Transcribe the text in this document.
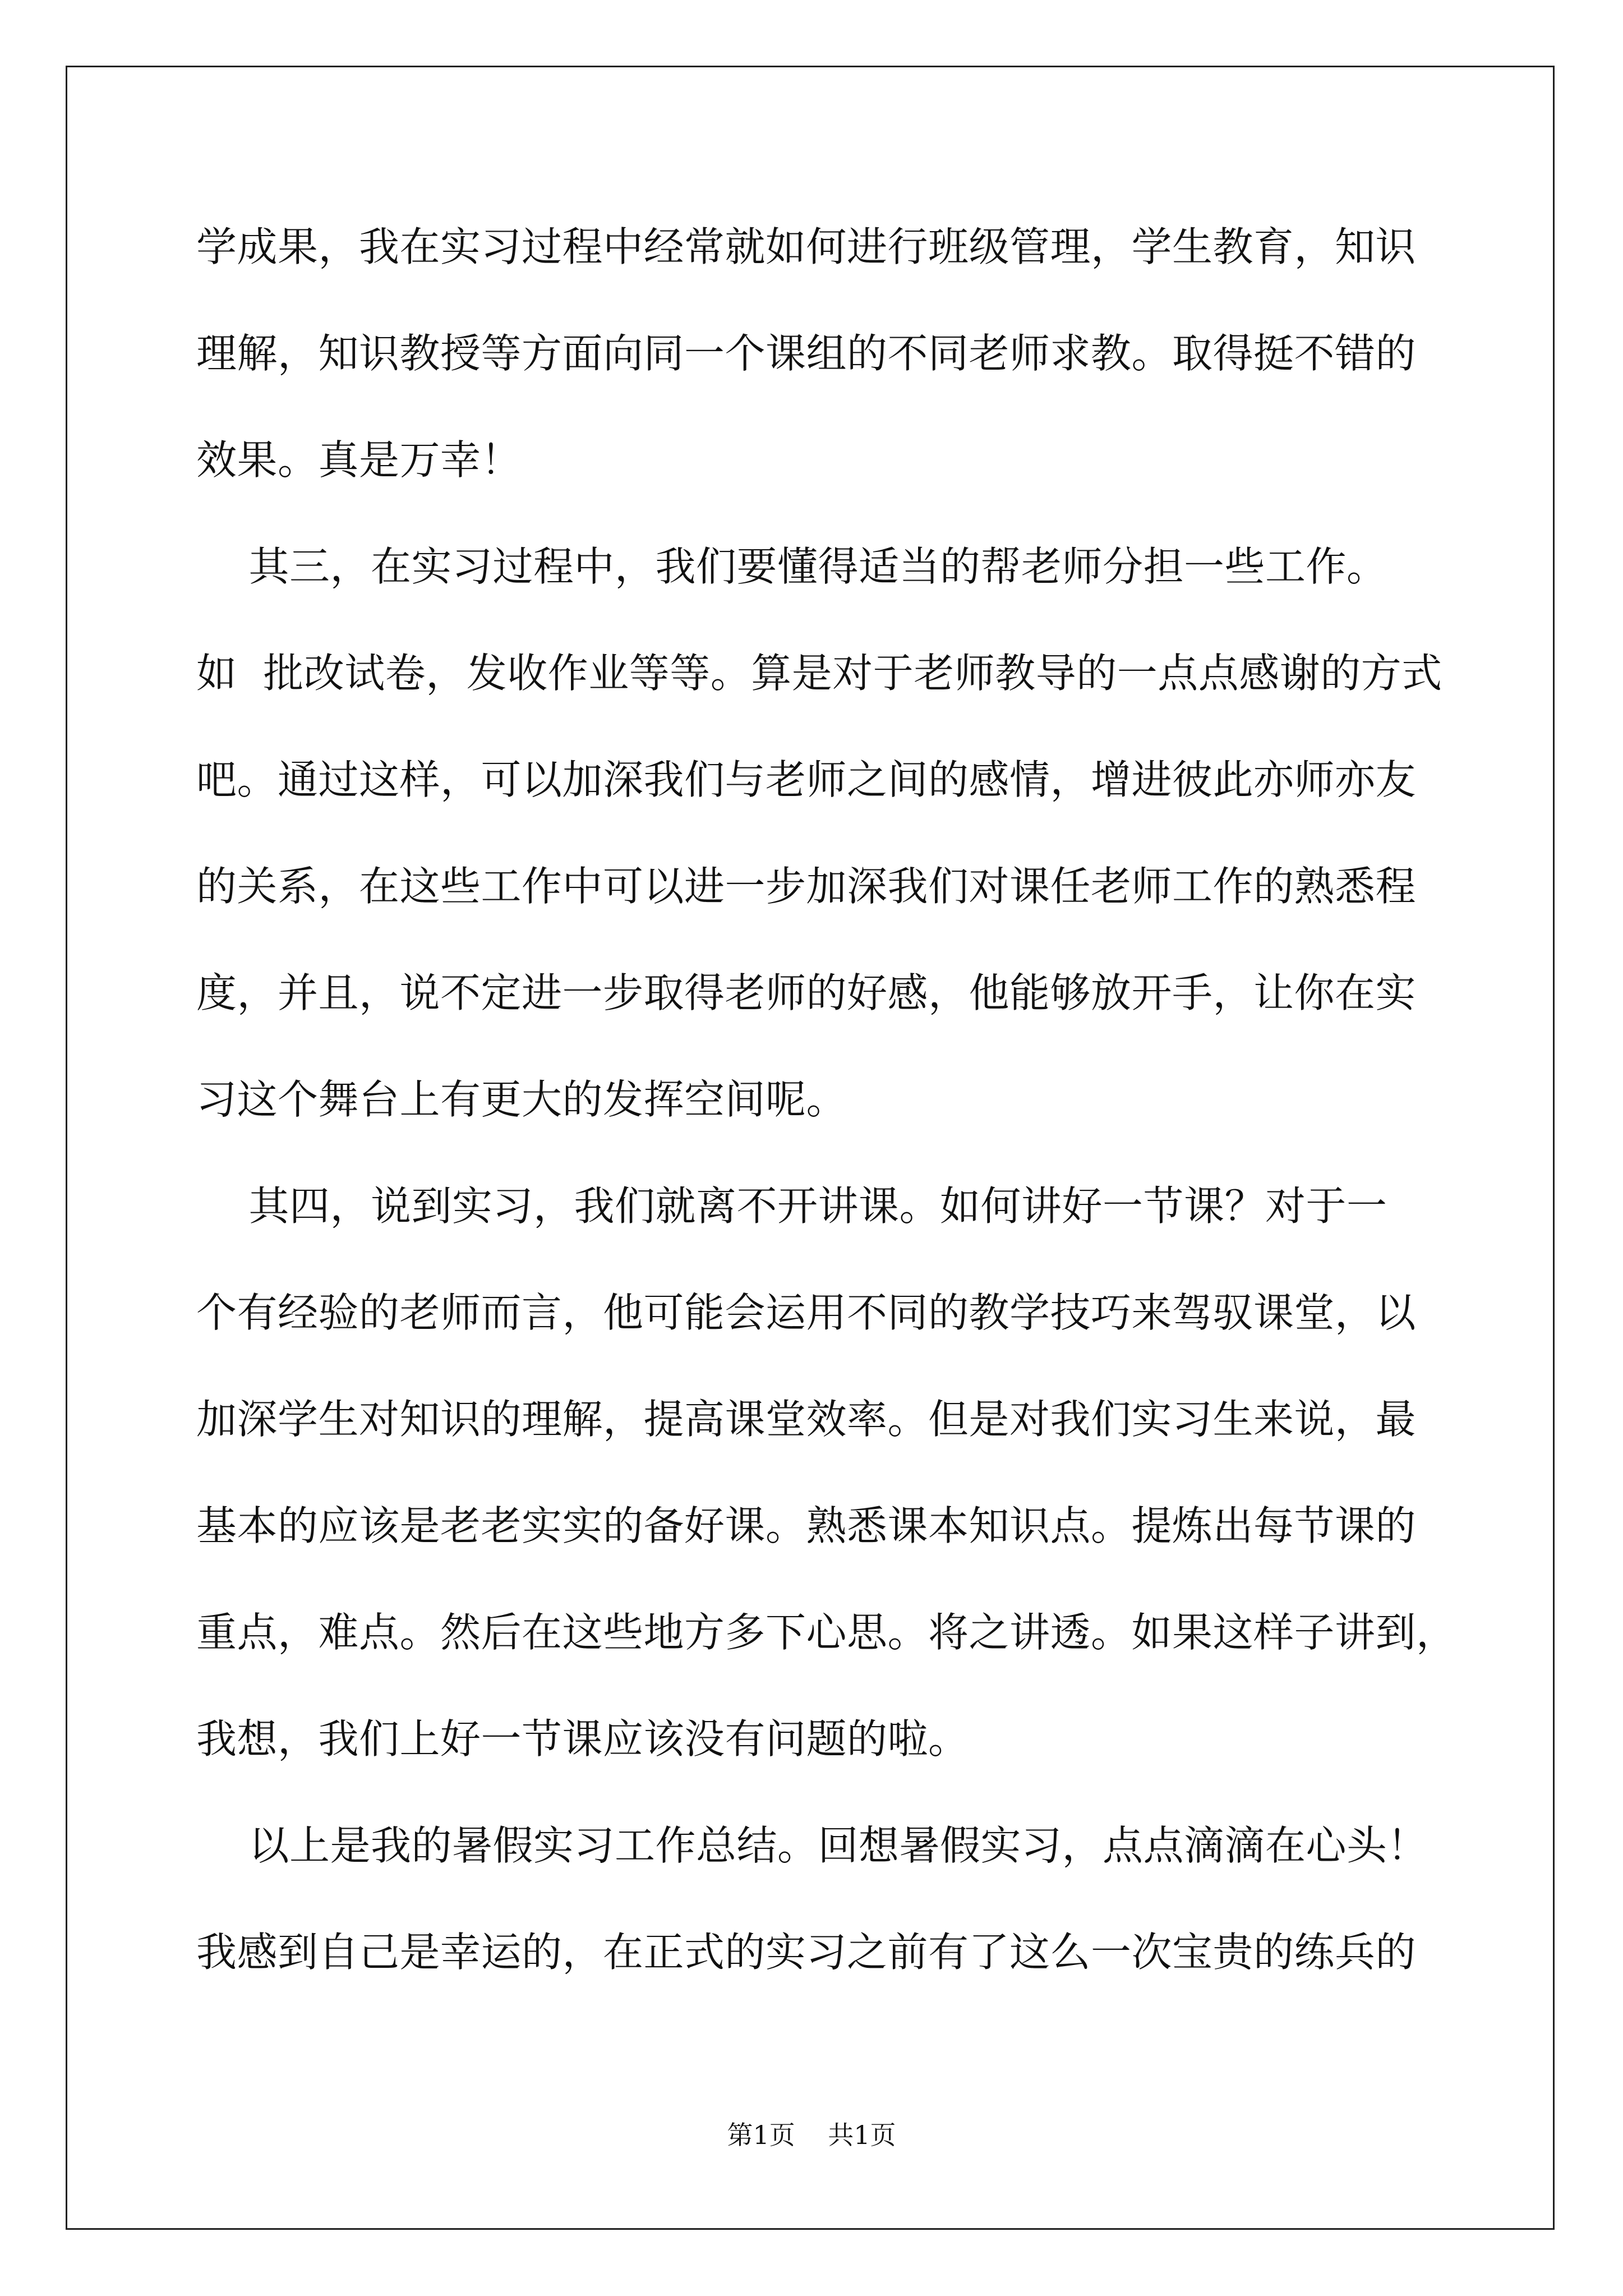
学成果，我在实习过程中经常就如何进行班级管理，学生教育，知识
理解，知识教授等方面向同一个课组的不同老师求教。取得挺不错的
效果。真是万幸！
其三，在实习过程中，我们要懂得适当的帮老师分担一些工作。
如  批改试卷，发收作业等等。算是对于老师教导的一点点感谢的方式
吧。通过这样，可以加深我们与老师之间的感情，增进彼此亦师亦友
的关系，在这些工作中可以进一步加深我们对课任老师工作的熟悉程
度，并且，说不定进一步取得老师的好感，他能够放开手，让你在实
习这个舞台上有更大的发挥空间呢。
其四，说到实习，我们就离不开讲课。如何讲好一节课？对于一
个有经验的老师而言，他可能会运用不同的教学技巧来驾驭课堂，以
加深学生对知识的理解，提高课堂效率。但是对我们实习生来说，最
基本的应该是老老实实的备好课。熟悉课本知识点。提炼出每节课的
重点，难点。然后在这些地方多下心思。将之讲透。如果这样子讲到，
我想，我们上好一节课应该没有问题的啦。
以上是我的暑假实习工作总结。回想暑假实习，点点滴滴在心头！
我感到自己是幸运的，在正式的实习之前有了这么一次宝贵的练兵的
第1页    共1页
